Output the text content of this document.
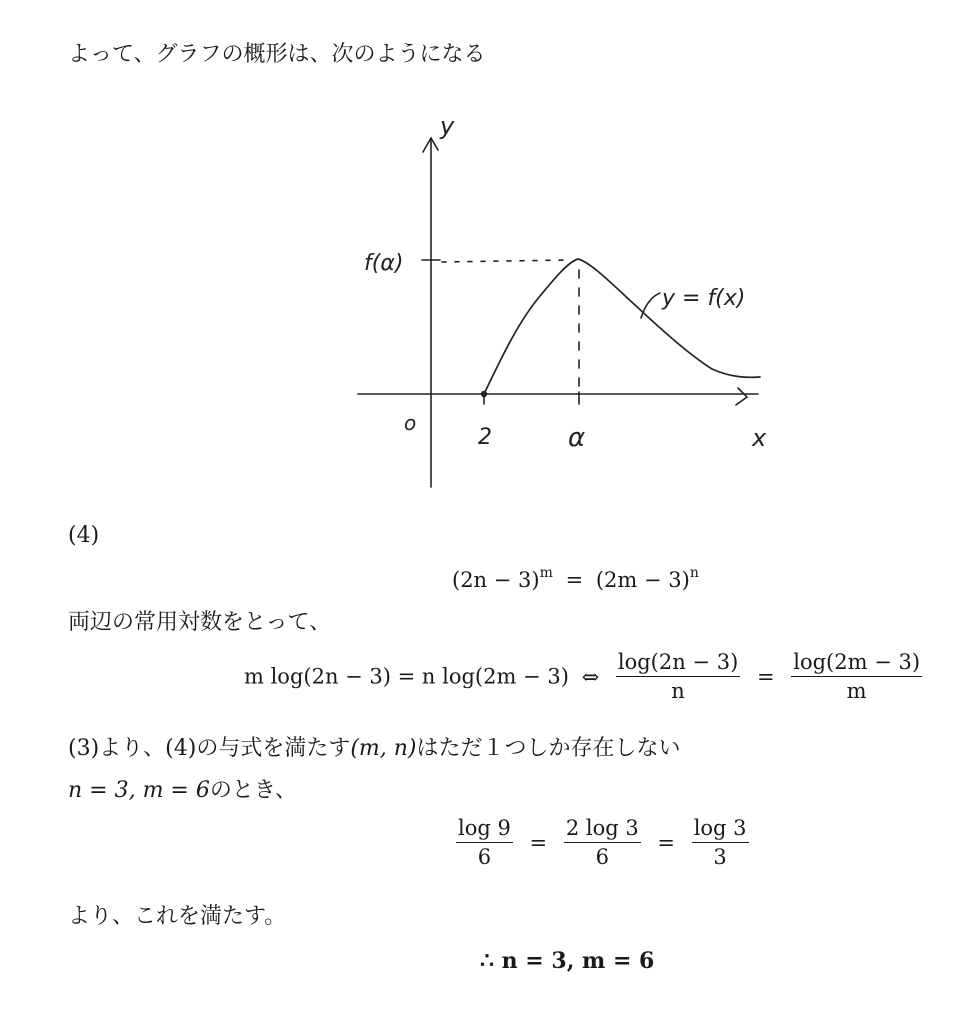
よって、グラフの概形は、次のようになる
y
x
o
2	α
f(α)
y = f(x)
(4)
$(2n - 3)^m = (2m - 3)^n$
両辺の常用対数をとって、
m log(2n − 3) = n log(2m − 3) ⇔ $\frac{\log(2n - 3)}{n} = \frac{\log(2m - 3)}{m}$
(3)より、(4)の与式を満たす(m, n)はただ１つしか存在しない
n = 3, m = 6のとき、
$\frac{\log 9}{6} = \frac{2 \log 3}{6} = \frac{\log 3}{3}$
より、これを満たす。
∴ n = 3, m = 6
